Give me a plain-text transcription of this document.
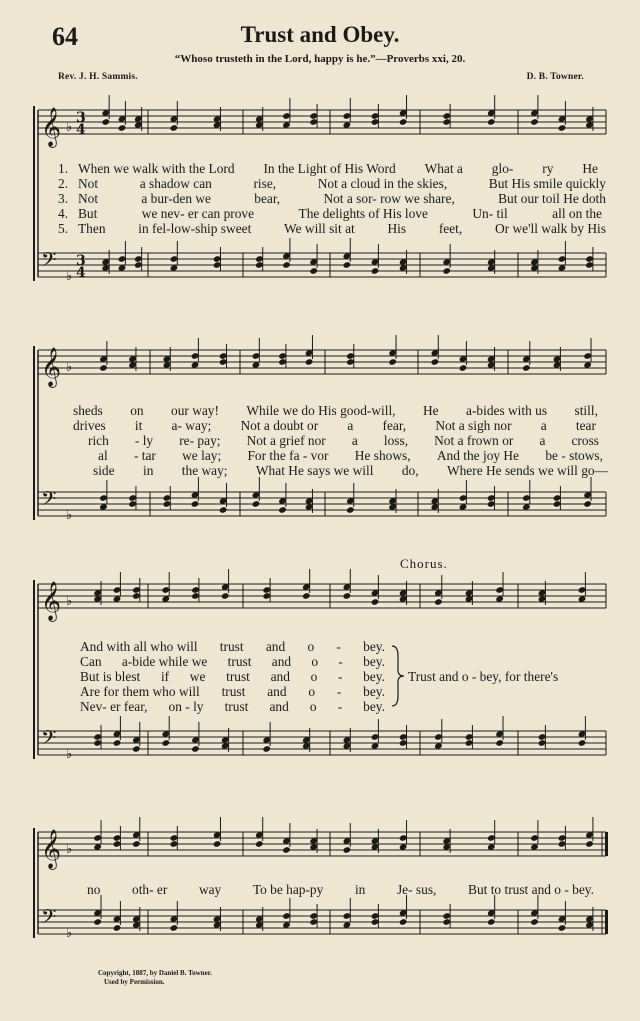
64	Trust and Obey.
“Whoso trusteth in the Lord, happy is he.”—Proverbs xxi, 20.
Rev. J. H. Sammis.	D. B. Towner.
Chorus.
𝄞
𝄢
♭
♭
3
4
3
4
𝄞
𝄢
♭
♭
𝄞
𝄢
♭
♭
𝄞
𝄢
♭
♭
1.
2.
3.
4.
5.
When we walk with the Lord In the Light of His Word What a glo- ry He
Not	a shadow can	rise,	Not a cloud in the skies,	But His smile quickly
Not	a bur-den we	bear,	Not a sor- row we share,	But our toil He doth
But	we nev- er can prove	The delights of His love	Un- til	all on the
Then in fel-low-ship sweet We will sit at His feet, Or we'll walk by His
sheds on our way! While we do His good-will, He a-bides with us still,
drives it a- way; Not a doubt or a fear, Not a sigh nor a tear
rich - ly re- pay; Not a grief nor a loss, Not a frown or a cross
al - tar we lay; For the fa - vor He shows, And the joy He be - stows,
side in the way; What He says we will do, Where He sends we will go—
And with all who will trust and o - bey.
Can a-bide while we trust and o - bey.
But is blest if we trust and o - bey.
Are for them who will trust and o - bey.
Nev- er fear, on - ly trust and o - bey.
Trust and o - bey, for there's
no oth- er way To be hap-py in Je- sus, But to trust and o - bey.
Copyright, 1887, by Daniel B. Towner.
Used by Permission.
